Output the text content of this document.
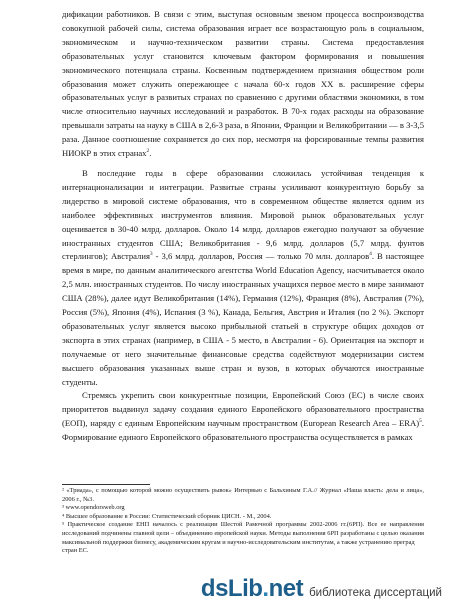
дификации работников. В связи с этим, выступая основным звеном процесса воспроизводства совокупной рабочей силы, система образования играет все возрастающую роль в социальном, экономическом и научно-техническом развитии страны. Система предоставления образовательных услуг становится ключевым фактором формирования и повышения экономического потенциала страны. Косвенным подтверждением признания обществом роли образования может служить опережающее с начала 60-х годов XX в. расширение сферы образовательных услуг в развитых странах по сравнению с другими областями экономики, в том числе относительно научных исследований и разработок. В 70-х годах расходы на образование превышали затраты на науку в США в 2,6-3 раза, в Японии, Франции и Великобритании — в 3-3,5 раза. Данное соотношение сохраняется до сих пор, несмотря на форсированные темпы развития НИОКР в этих странах$^2$.

В последние годы в сфере образовании сложилась устойчивая тенденция к интернационализации и интеграции. Развитые страны усиливают конкурентную борьбу за лидерство в мировой системе образования, что в современном обществе является одним из наиболее эффективных инструментов влияния. Мировой рынок образовательных услуг оценивается в 30-40 млрд. долларов. Около 14 млрд. долларов ежегодно получают за обучение иностранных студентов США; Великобритания - 9,6 млрд. долларов (5,7 млрд. фунтов стерлингов); Австралия$^3$ - 3,6 млрд. долларов, Россия — только 70 млн. долларов$^4$. В настоящее время в мире, по данным аналитического агентства World Education Agency, насчитывается около 2,5 млн. иностранных студентов. По числу иностранных учащихся первое место в мире занимают США (28%), далее идут Великобритания (14%), Германия (12%), Франция (8%), Австралия (7%), Россия (5%), Япония (4%), Испания (3 %), Канада, Бельгия, Австрия и Италия (по 2 %). Экспорт образовательных услуг является высоко прибыльной статьей в структуре общих доходов от экспорта в этих странах (например, в США - 5 место, в Австралии - 6). Ориентация на экспорт и получаемые от него значительные финансовые средства содействуют модернизации систем высшего образования указанных выше стран и вузов, в которых обучаются иностранные студенты.

Стремясь укрепить свои конкурентные позиции, Европейский Союз (ЕС) в числе своих приоритетов выдвинул задачу создания единого Европейского образовательного пространства (ЕОП), наряду с единым Европейским научным пространством (European Research Area – ERA)$^5$. Формирование единого Европейского образовательного пространства осуществляется в рамках

² «Триада», с помощью которой можно осуществить рывок» Интервью с Бальхиным Г.А.// Журнал «Наша власть: дела и лица», 2006 г., №3.
³ www.opendorsweb.org
⁴ Высшее образование в России: Статистический сборник ЦИСН. - М., 2004.
⁵ Практическое создание ЕНП началось с реализации Шестой Рамочной программы 2002-2006 гг.(6РП). Все ее направления исследований подчинены главной цели – объединению европейской науки. Методы выполнения 6РП разработаны с целью оказания максимальной поддержки бизнесу, академическим кругам и научно-исследовательским институтам, а также устранению преград
стран ЕС.
dsLib.net библиотека диссертаций
